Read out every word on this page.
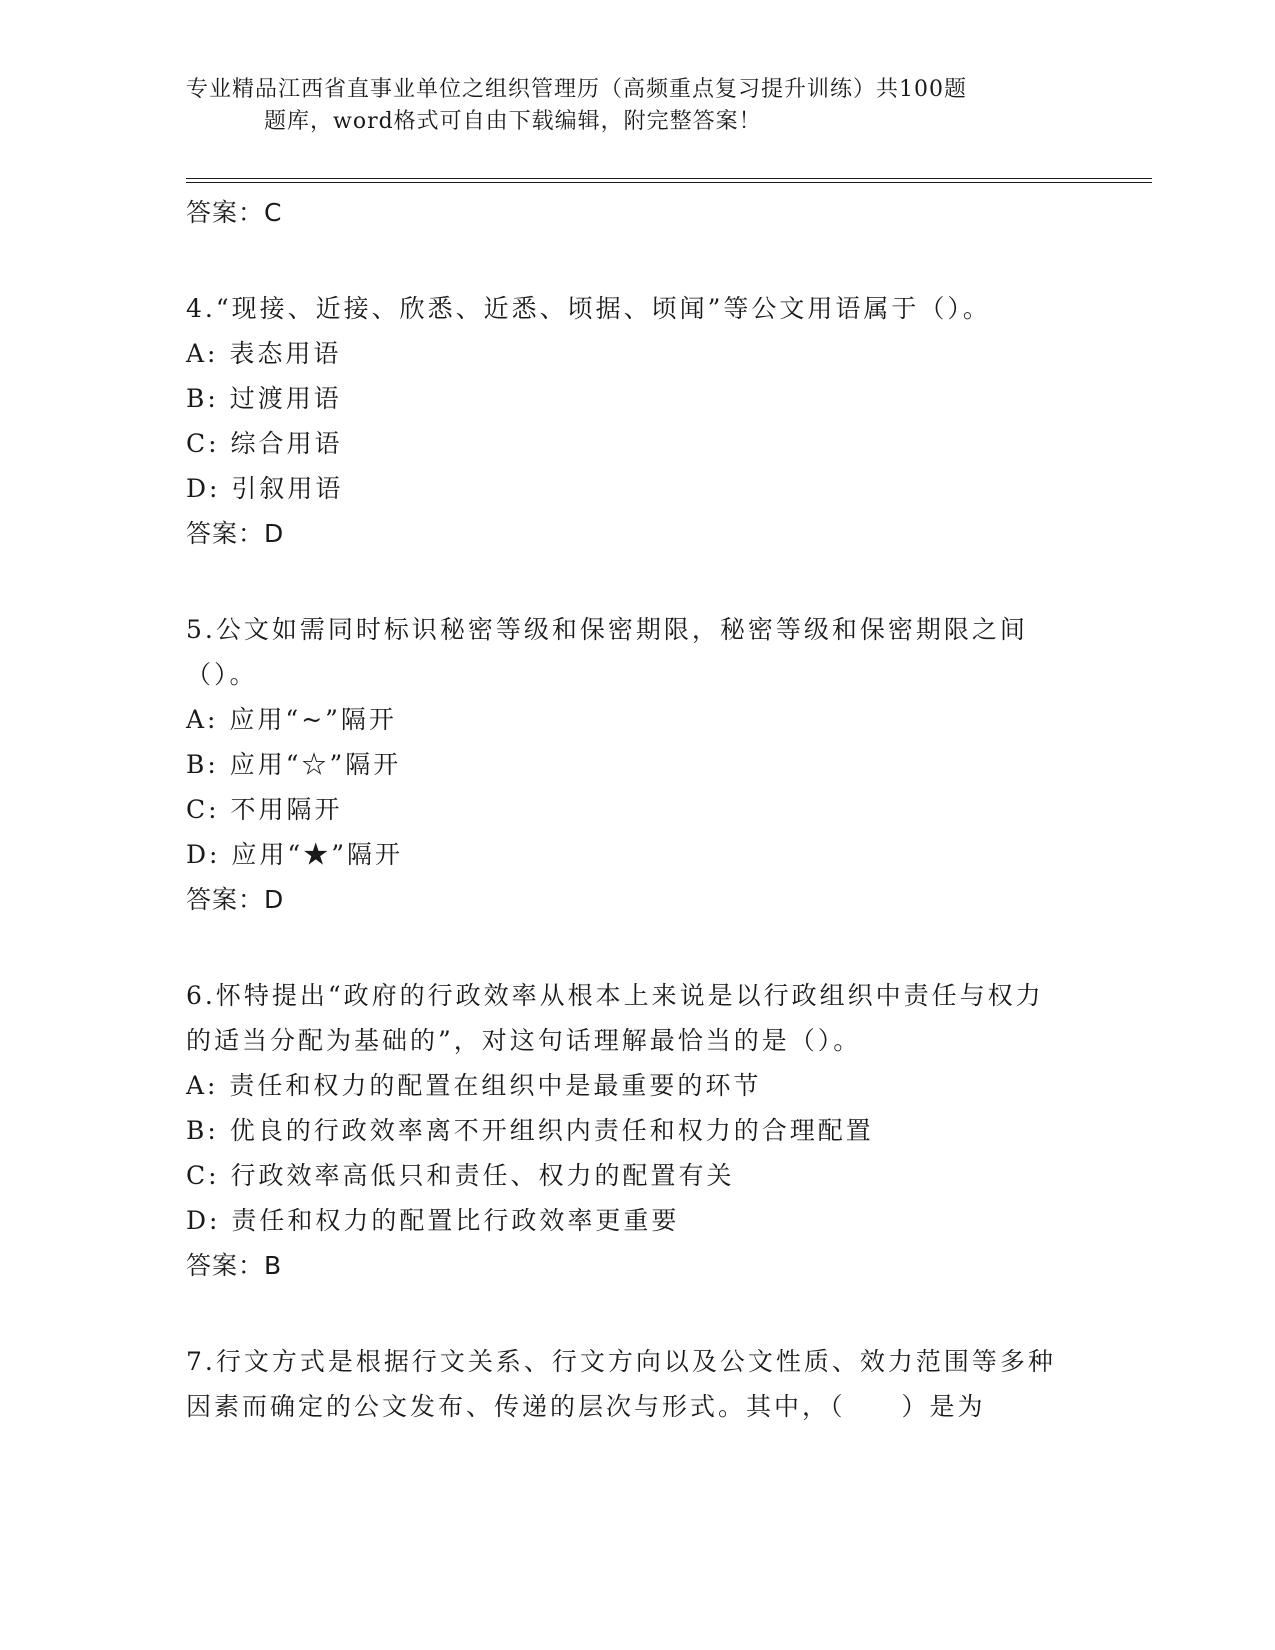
专业精品江西省直事业单位之组织管理历（高频重点复习提升训练）共100题
题库，word格式可自由下载编辑，附完整答案！
答案：C
4.“现接、近接、欣悉、近悉、顷据、顷闻”等公文用语属于（）。
A: 表态用语
B: 过渡用语
C: 综合用语
D: 引叙用语
答案：D
5.公文如需同时标识秘密等级和保密期限，秘密等级和保密期限之间（）。
A: 应用“~”隔开
B: 应用“☆”隔开
C: 不用隔开
D: 应用“★”隔开
答案：D
6.怀特提出“政府的行政效率从根本上来说是以行政组织中责任与权力的适当分配为基础的”，对这句话理解最恰当的是（）。
A: 责任和权力的配置在组织中是最重要的环节
B: 优良的行政效率离不开组织内责任和权力的合理配置
C: 行政效率高低只和责任、权力的配置有关
D: 责任和权力的配置比行政效率更重要
答案：B
7.行文方式是根据行文关系、行文方向以及公文性质、效力范围等多种因素而确定的公文发布、传递的层次与形式。其中，（　　）是为
